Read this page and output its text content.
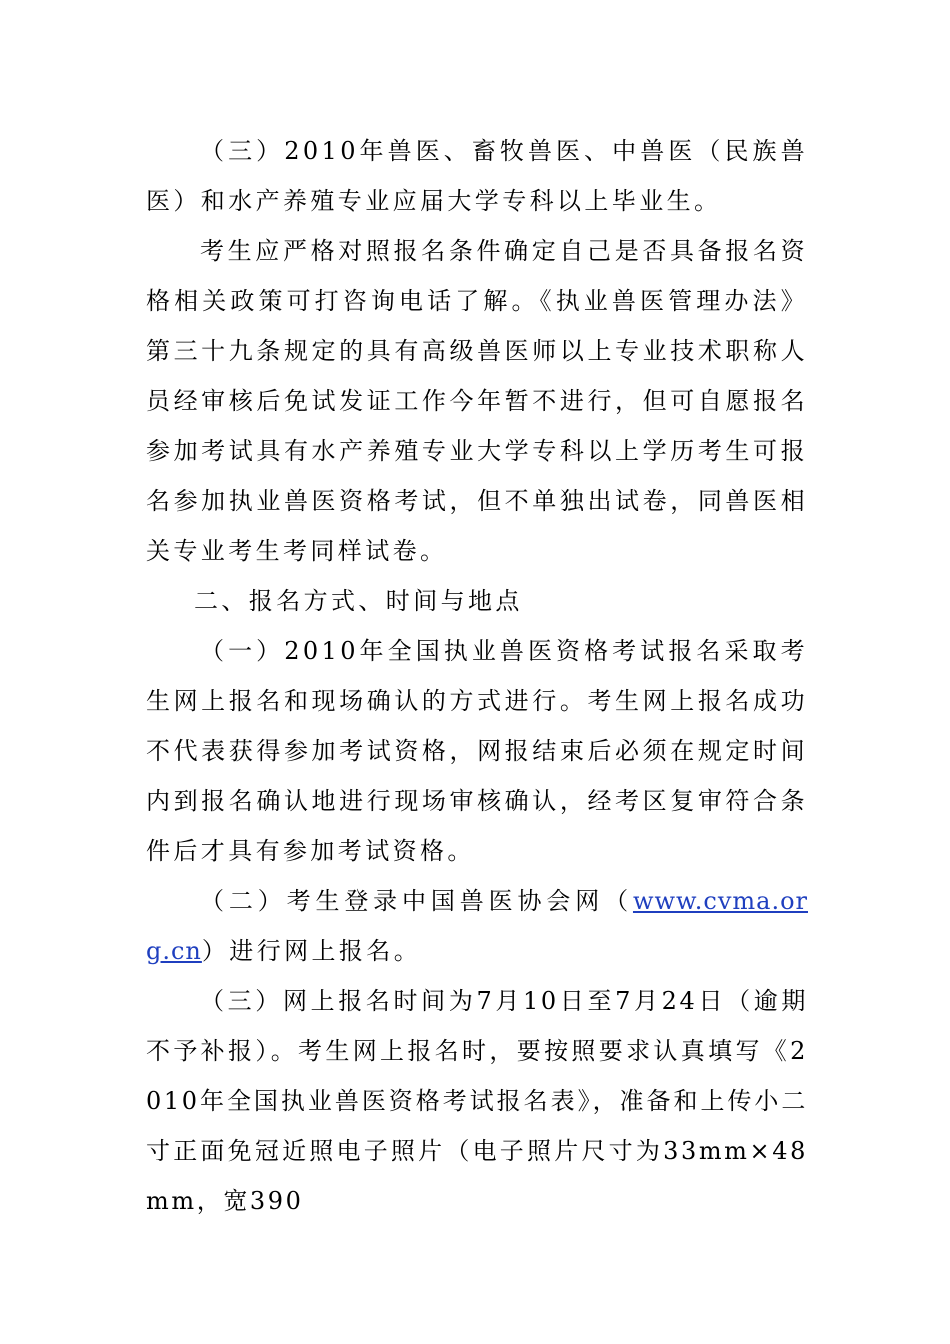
（三）2010年兽医、畜牧兽医、中兽医（民族兽医）和水产养殖专业应届大学专科以上毕业生。

考生应严格对照报名条件确定自己是否具备报名资格相关政策可打咨询电话了解。《执业兽医管理办法》第三十九条规定的具有高级兽医师以上专业技术职称人员经审核后免试发证工作今年暂不进行，但可自愿报名参加考试具有水产养殖专业大学专科以上学历考生可报名参加执业兽医资格考试，但不单独出试卷，同兽医相关专业考生考同样试卷。

二、报名方式、时间与地点

（一）2010年全国执业兽医资格考试报名采取考生网上报名和现场确认的方式进行。考生网上报名成功不代表获得参加考试资格，网报结束后必须在规定时间内到报名确认地进行现场审核确认，经考区复审符合条件后才具有参加考试资格。

（二）考生登录中国兽医协会网（www.cvma.org.cn）进行网上报名。

（三）网上报名时间为7月10日至7月24日（逾期不予补报）。考生网上报名时，要按照要求认真填写《2010年全国执业兽医资格考试报名表》，准备和上传小二寸正面免冠近照电子照片（电子照片尺寸为33mm×48mm，宽390
